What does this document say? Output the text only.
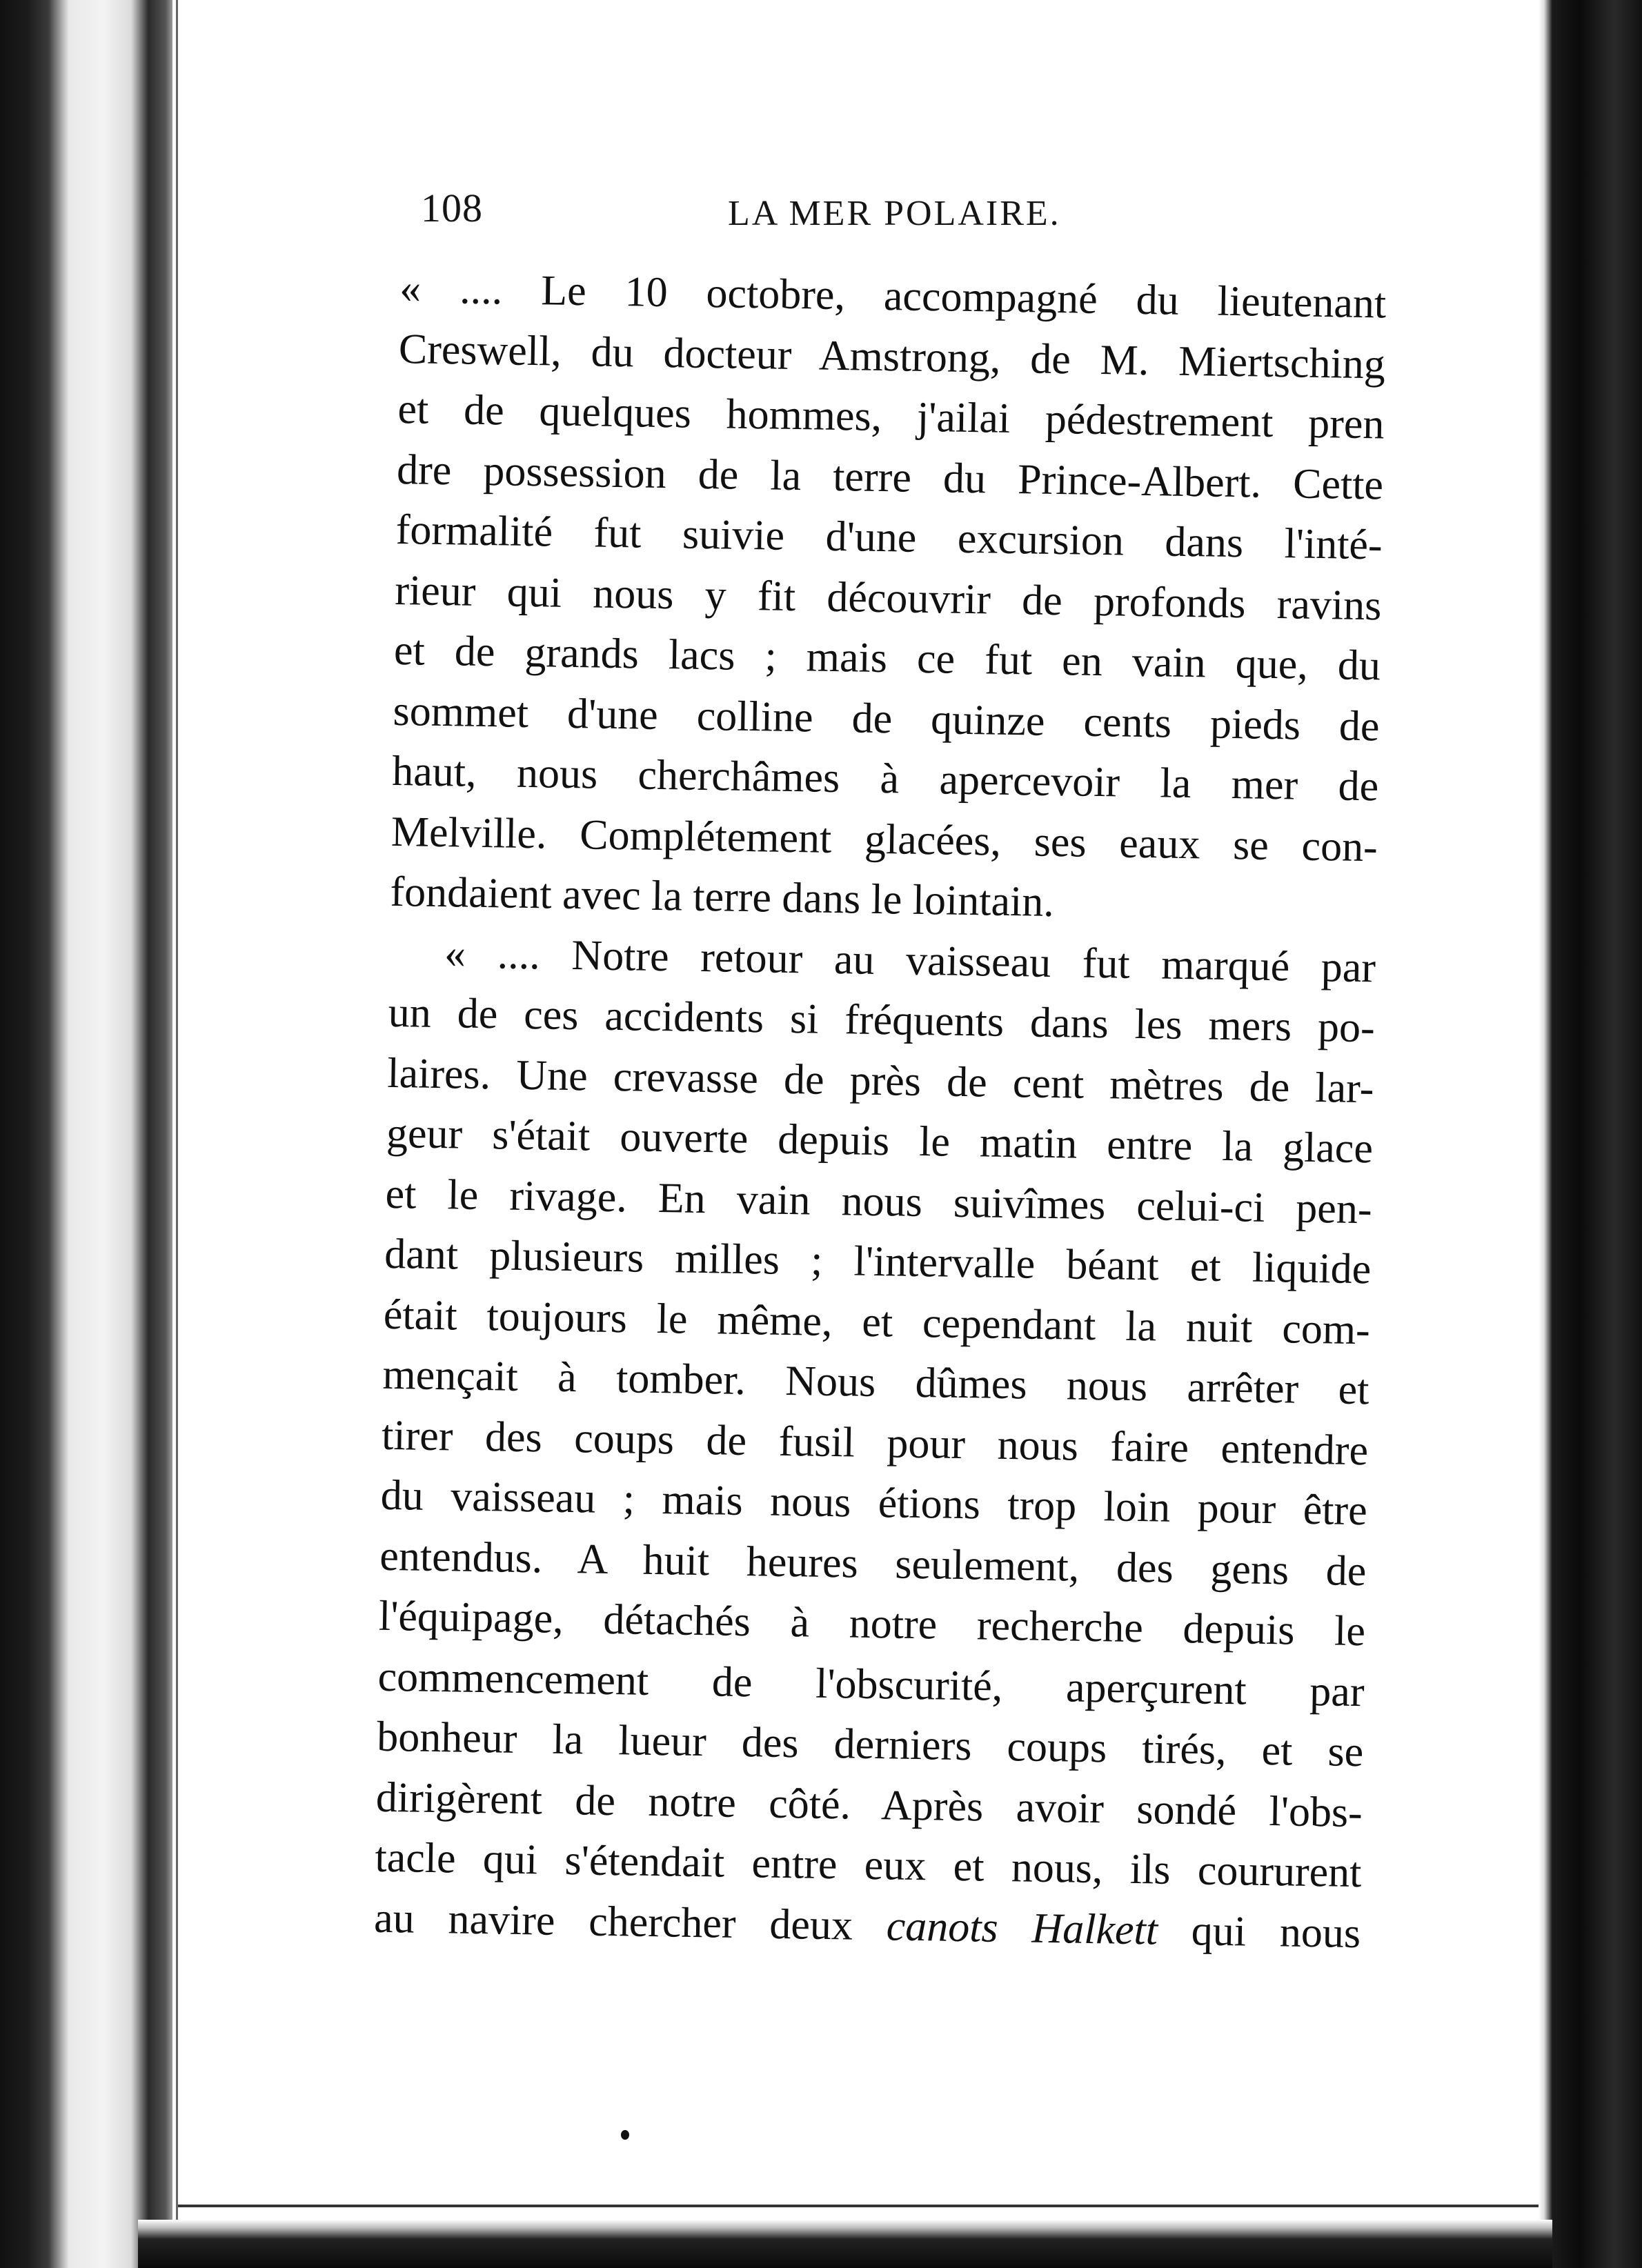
108	LA MER POLAIRE.
« .... Le 10 octobre, accompagné du lieutenant
Creswell, du docteur Amstrong, de M. Miertsching
et de quelques hommes, j'ailai pédestrement pren
dre possession de la terre du Prince-Albert. Cette
formalité fut suivie d'une excursion dans l'inté-
rieur qui nous y fit découvrir de profonds ravins
et de grands lacs ; mais ce fut en vain que, du
sommet d'une colline de quinze cents pieds de
haut, nous cherchâmes à apercevoir la mer de
Melville. Complétement glacées, ses eaux se con-
fondaient avec la terre dans le lointain.
« .... Notre retour au vaisseau fut marqué par
un de ces accidents si fréquents dans les mers po-
laires. Une crevasse de près de cent mètres de lar-
geur s'était ouverte depuis le matin entre la glace
et le rivage. En vain nous suivîmes celui-ci pen-
dant plusieurs milles ; l'intervalle béant et liquide
était toujours le même, et cependant la nuit com-
mençait à tomber. Nous dûmes nous arrêter et
tirer des coups de fusil pour nous faire entendre
du vaisseau ; mais nous étions trop loin pour être
entendus. A huit heures seulement, des gens de
l'équipage, détachés à notre recherche depuis le
commencement de l'obscurité, aperçurent par
bonheur la lueur des derniers coups tirés, et se
dirigèrent de notre côté. Après avoir sondé l'obs-
tacle qui s'étendait entre eux et nous, ils coururent
au navire chercher deux canots Halkett qui nous
